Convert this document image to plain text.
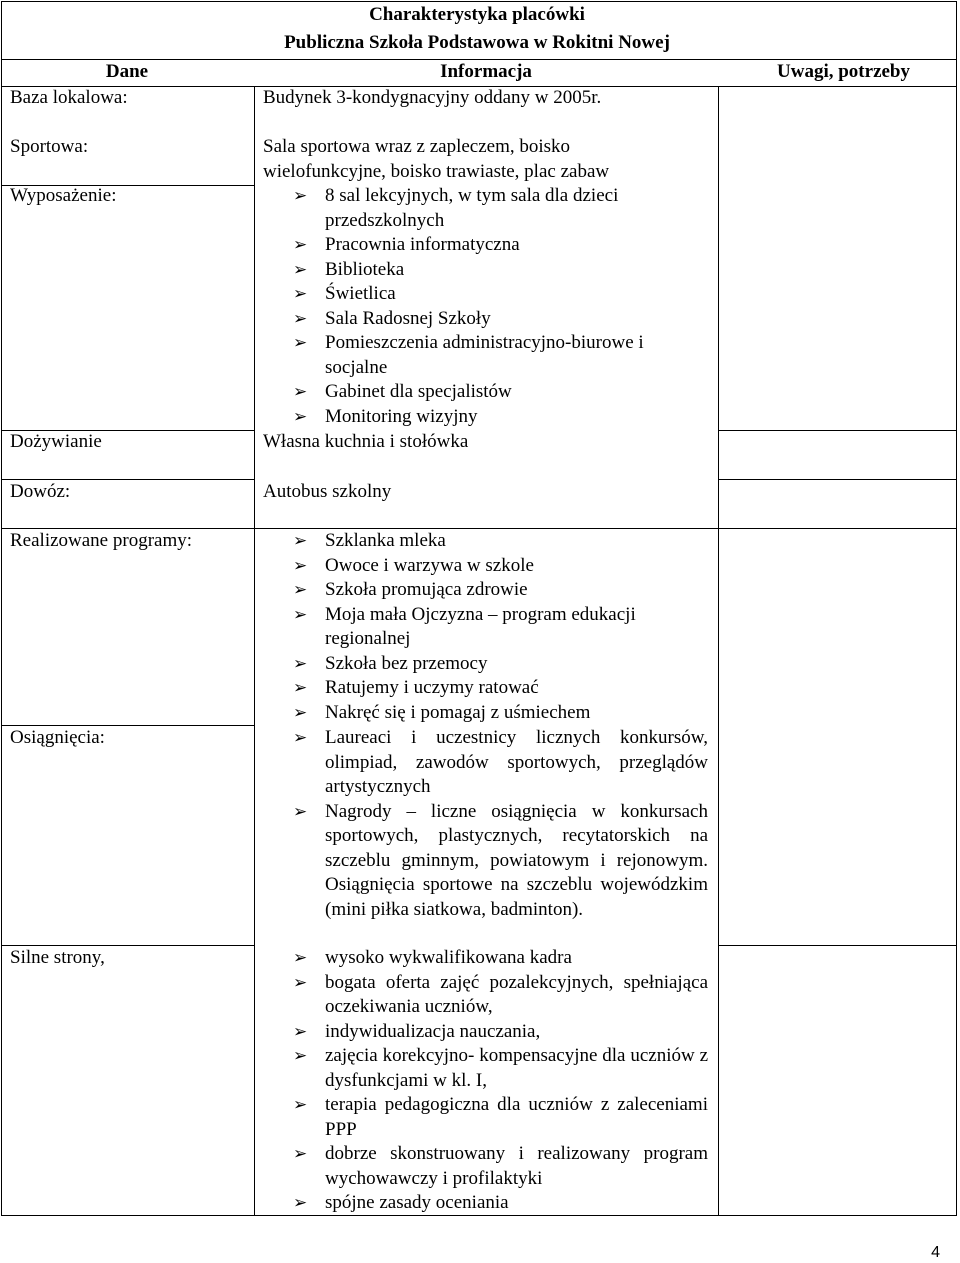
Charakterystyka placówki
Publiczna Szkoła Podstawowa w Rokitni Nowej
Dane	Informacja	Uwagi, potrzeby
Baza lokalowa:	Budynek 3-kondygnacyjny oddany w 2005r.
Sportowa:	Sala sportowa wraz z zapleczem, boisko
wielofunkcyjne, boisko trawiaste, plac zabaw
Wyposażenie:	➢ 8 sal lekcyjnych, w tym sala dla dzieci przedszkolnych
➢ Pracownia informatyczna
➢ Biblioteka
➢ Świetlica
➢ Sala Radosnej Szkoły
➢ Pomieszczenia administracyjno-biurowe i socjalne
➢ Gabinet dla specjalistów
➢ Monitoring wizyjny
Dożywianie	Własna kuchnia i stołówka
Dowóz:	Autobus szkolny
Realizowane programy:	➢ Szklanka mleka
➢ Owoce i warzywa w szkole
➢ Szkoła promująca zdrowie
➢ Moja mała Ojczyzna – program edukacji regionalnej
➢ Szkoła bez przemocy
➢ Ratujemy i uczymy ratować
➢ Nakręć się i pomagaj z uśmiechem
Osiągnięcia:	➢ Laureaci i uczestnicy licznych konkursów, olimpiad, zawodów sportowych, przeglądów artystycznych
➢ Nagrody – liczne osiągnięcia w konkursach sportowych, plastycznych, recytatorskich na szczeblu gminnym, powiatowym i rejonowym. Osiągnięcia sportowe na szczeblu wojewódzkim (mini piłka siatkowa, badminton).
Silne strony,	➢ wysoko wykwalifikowana kadra
➢ bogata oferta zajęć pozalekcyjnych, spełniająca oczekiwania uczniów,
➢ indywidualizacja nauczania,
➢ zajęcia korekcyjno- kompensacyjne dla uczniów z dysfunkcjami w kl. I,
➢ terapia pedagogiczna dla uczniów z zaleceniami PPP
➢ dobrze skonstruowany i realizowany program wychowawczy i profilaktyki
➢ spójne zasady oceniania
4
